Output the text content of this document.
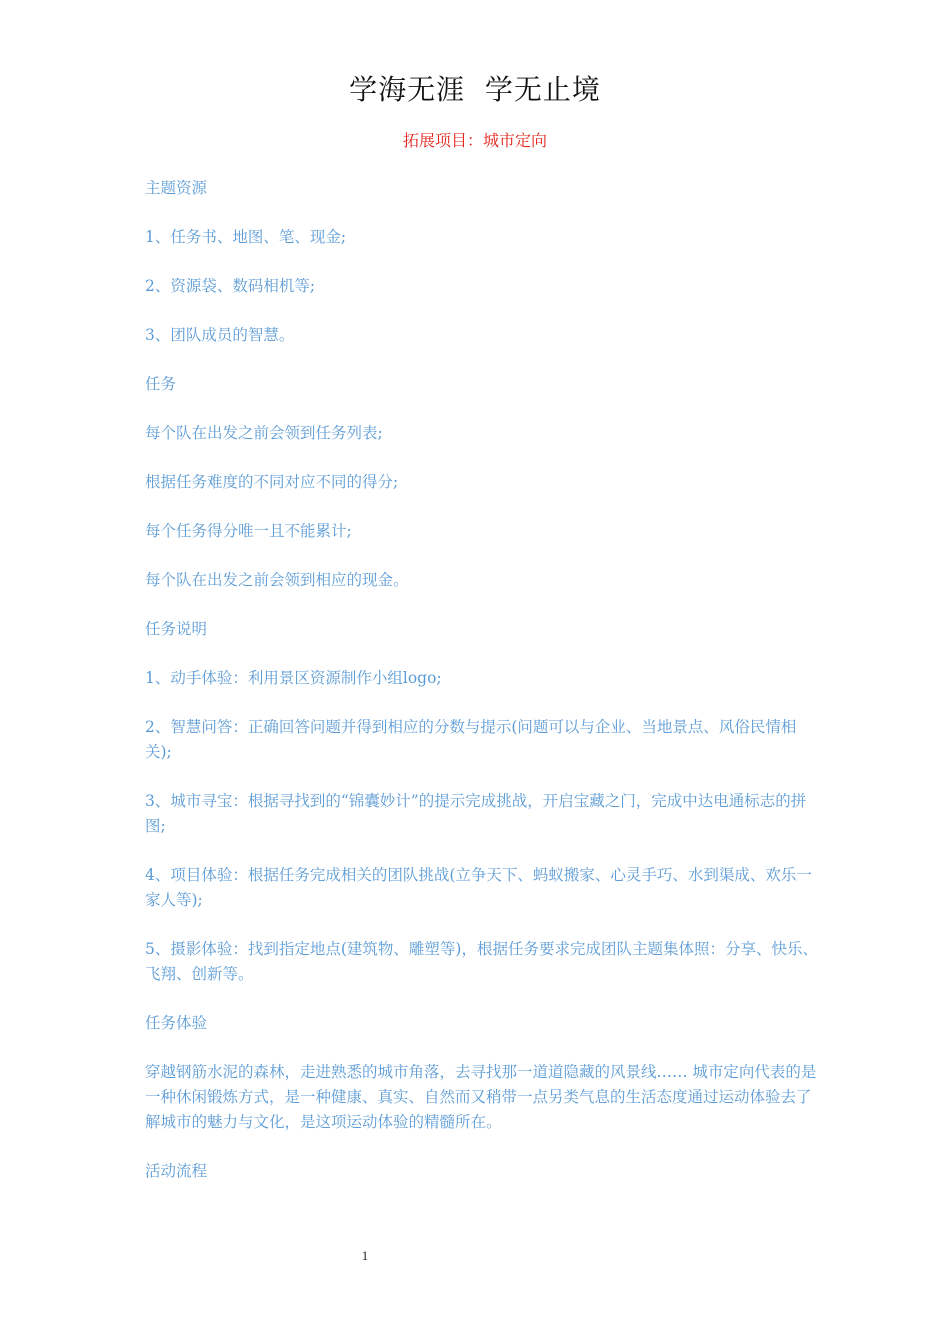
学海无涯  学无止境
拓展项目：城市定向

主题资源

1、任务书、地图、笔、现金;

2、资源袋、数码相机等;

3、团队成员的智慧。

任务

每个队在出发之前会领到任务列表;

根据任务难度的不同对应不同的得分;

每个任务得分唯一且不能累计;

每个队在出发之前会领到相应的现金。

任务说明

1、动手体验：利用景区资源制作小组logo;

2、智慧问答：正确回答问题并得到相应的分数与提示(问题可以与企业、当地景点、风俗民情相关);

3、城市寻宝：根据寻找到的“锦囊妙计”的提示完成挑战，开启宝藏之门，完成中达电通标志的拼图;

4、项目体验：根据任务完成相关的团队挑战(立争天下、蚂蚁搬家、心灵手巧、水到渠成、欢乐一家人等);

5、摄影体验：找到指定地点(建筑物、雕塑等)，根据任务要求完成团队主题集体照：分享、快乐、飞翔、创新等。

任务体验

穿越钢筋水泥的森林，走进熟悉的城市角落，去寻找那一道道隐藏的风景线…… 城市定向代表的是一种休闲锻炼方式，是一种健康、真实、自然而又稍带一点另类气息的生活态度通过运动体验去了解城市的魅力与文化，是这项运动体验的精髓所在。

活动流程

1
